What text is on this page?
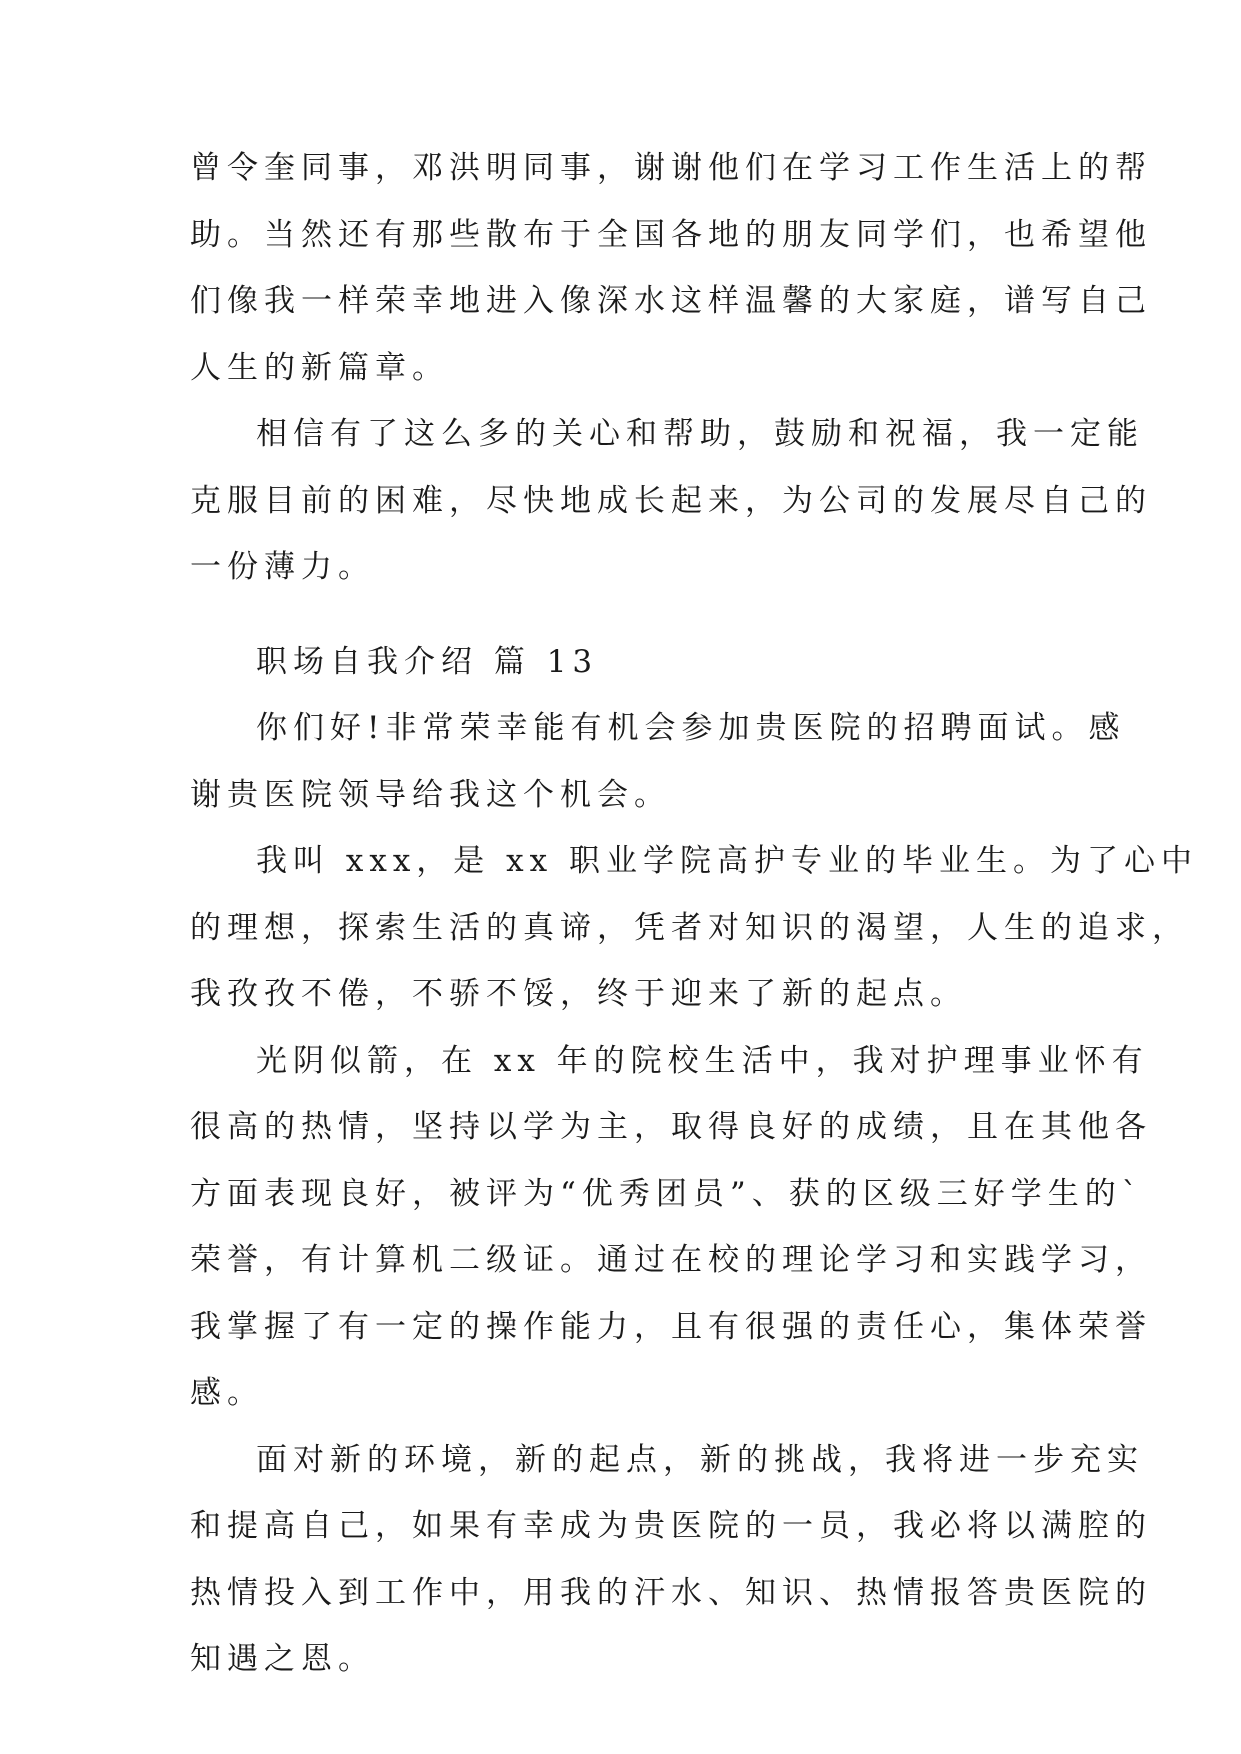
曾令奎同事，邓洪明同事，谢谢他们在学习工作生活上的帮
助。当然还有那些散布于全国各地的朋友同学们，也希望他
们像我一样荣幸地进入像深水这样温馨的大家庭，谱写自己
人生的新篇章。
相信有了这么多的关心和帮助，鼓励和祝福，我一定能
克服目前的困难，尽快地成长起来，为公司的发展尽自己的
一份薄力。
职场自我介绍 篇 13
你们好!非常荣幸能有机会参加贵医院的招聘面试。感
谢贵医院领导给我这个机会。
我叫 xxx，是 xx 职业学院高护专业的毕业生。为了心中
的理想，探索生活的真谛，凭者对知识的渴望，人生的追求，
我孜孜不倦，不骄不馁，终于迎来了新的起点。
光阴似箭，在 xx 年的院校生活中，我对护理事业怀有
很高的热情，坚持以学为主，取得良好的成绩，且在其他各
方面表现良好，被评为“优秀团员”、获的区级三好学生的`
荣誉，有计算机二级证。通过在校的理论学习和实践学习，
我掌握了有一定的操作能力，且有很强的责任心，集体荣誉
感。
面对新的环境，新的起点，新的挑战，我将进一步充实
和提高自己，如果有幸成为贵医院的一员，我必将以满腔的
热情投入到工作中，用我的汗水、知识、热情报答贵医院的
知遇之恩。
